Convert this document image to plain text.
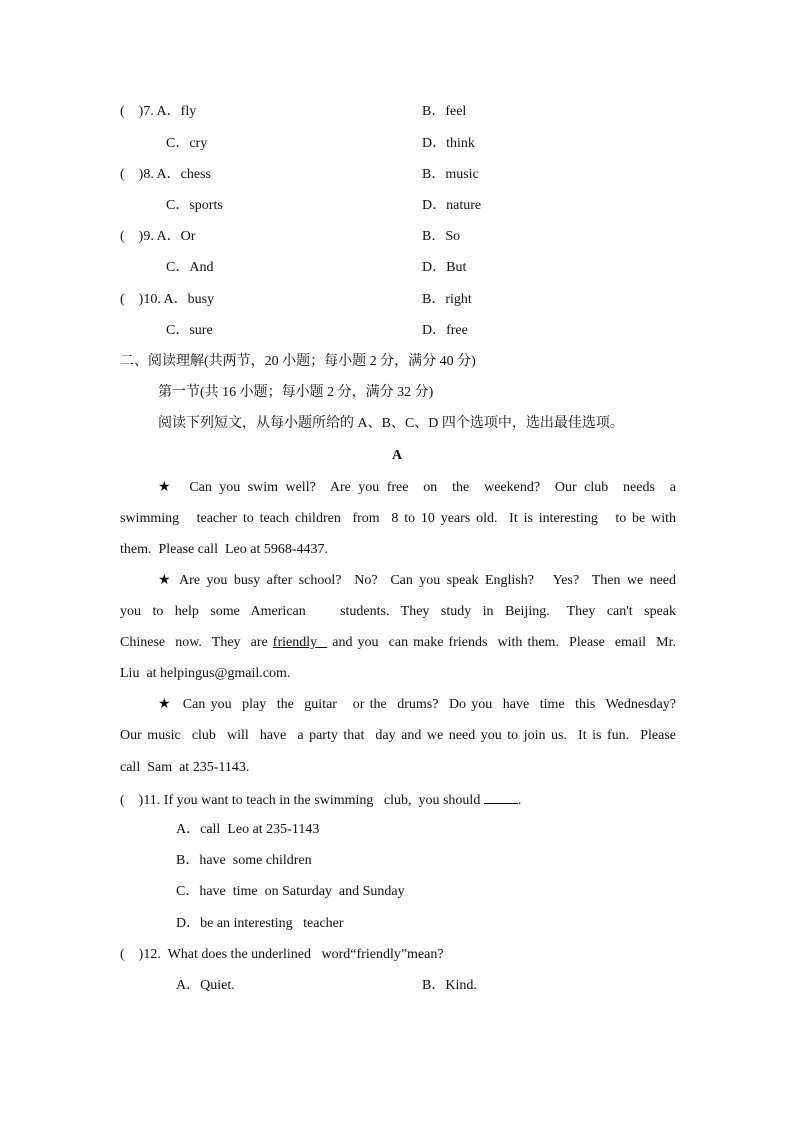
(    )7. A．fly	B．feel
C．cry	D．think
(    )8. A．chess	B．music
C．sports	D．nature
(    )9. A．Or	B．So
C．And	D．But
(    )10. A．busy	B．right
C．sure	D．free
二、阅读理解(共两节，20 小题；每小题 2 分，满分 40 分)
第一节(共 16 小题；每小题 2 分，满分 32 分)
阅读下列短文，从每小题所给的 A、B、C、D 四个选项中，选出最佳选项。
A
★  Can you swim well?  Are you free  on  the  weekend?  Our club  needs  a
swimming   teacher to teach children  from  8 to 10 years old.  It is interesting   to be with
them.  Please call  Leo at 5968-4437.
★ Are you busy after school?  No?  Can you speak English?   Yes?  Then we need
you  to  help  some  American      students.  They  study  in  Beijing.   They  can't  speak
Chinese  now.  They  are friendly   and you  can make friends  with them.  Please  email  Mr.
Liu  at helpingus@gmail.com.
★  Can you  play  the  guitar   or the  drums?  Do you  have  time  this  Wednesday?
Our music  club  will  have  a party that  day and we need you to join us.  It is fun.  Please
call  Sam  at 235-1143.
(    )11. If you want to teach in the swimming   club,  you should .
A．call  Leo at 235-1143
B．have  some children
C．have  time  on Saturday  and Sunday
D．be an interesting   teacher
(    )12.  What does the underlined   word“friendly”mean?
A．Quiet.	B．Kind.
